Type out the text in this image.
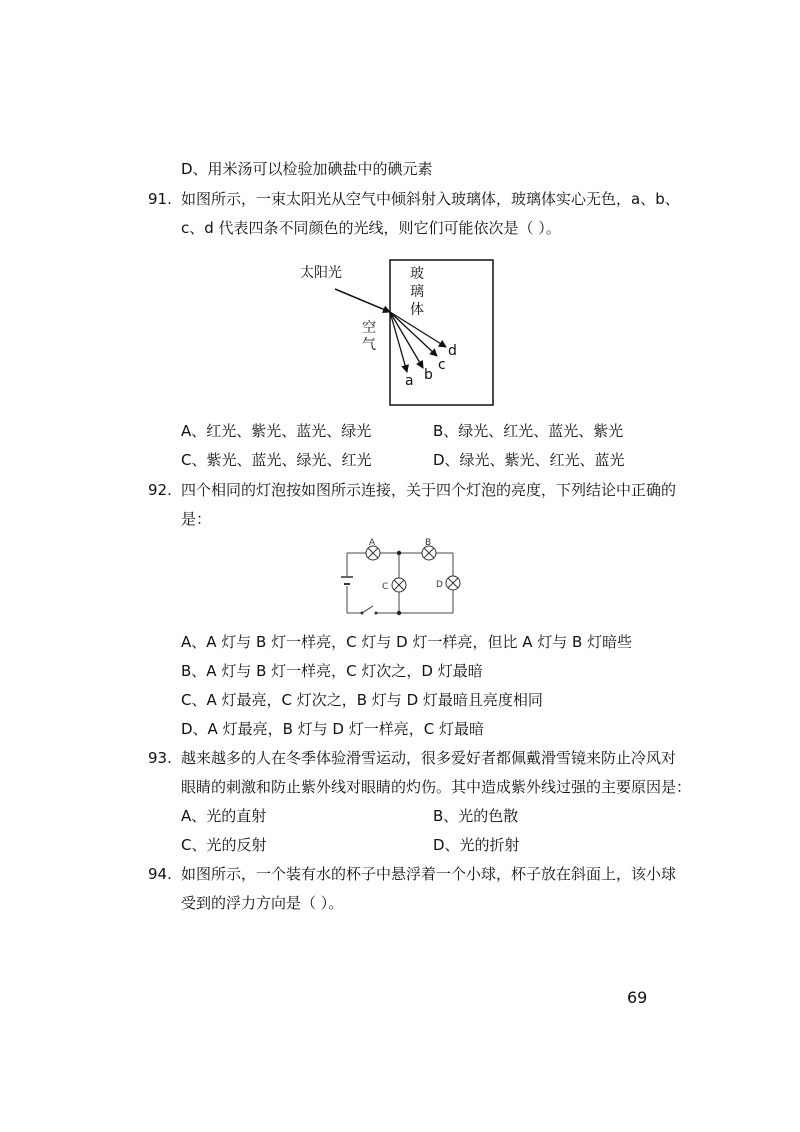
D、用米汤可以检验加碘盐中的碘元素
91. 如图所示，一束太阳光从空气中倾斜射入玻璃体，玻璃体实心无色，a、b、
c、d 代表四条不同颜色的光线，则它们可能依次是（ ）。
太阳光
空
气
玻
璃
体
a b
c
d
A、红光、紫光、蓝光、绿光	B、绿光、红光、蓝光、紫光
C、紫光、蓝光、绿光、红光	D、绿光、紫光、红光、蓝光
92. 四个相同的灯泡按如图所示连接，关于四个灯泡的亮度，下列结论中正确的
是：
A	B
C	D
A、A 灯与 B 灯一样亮，C 灯与 D 灯一样亮，但比 A 灯与 B 灯暗些
B、A 灯与 B 灯一样亮，C 灯次之，D 灯最暗
C、A 灯最亮，C 灯次之，B 灯与 D 灯最暗且亮度相同
D、A 灯最亮，B 灯与 D 灯一样亮，C 灯最暗
93. 越来越多的人在冬季体验滑雪运动，很多爱好者都佩戴滑雪镜来防止冷风对
眼睛的刺激和防止紫外线对眼睛的灼伤。其中造成紫外线过强的主要原因是：
A、光的直射	B、光的色散
C、光的反射	D、光的折射
94. 如图所示，一个装有水的杯子中悬浮着一个小球，杯子放在斜面上，该小球
受到的浮力方向是（ ）。
69
